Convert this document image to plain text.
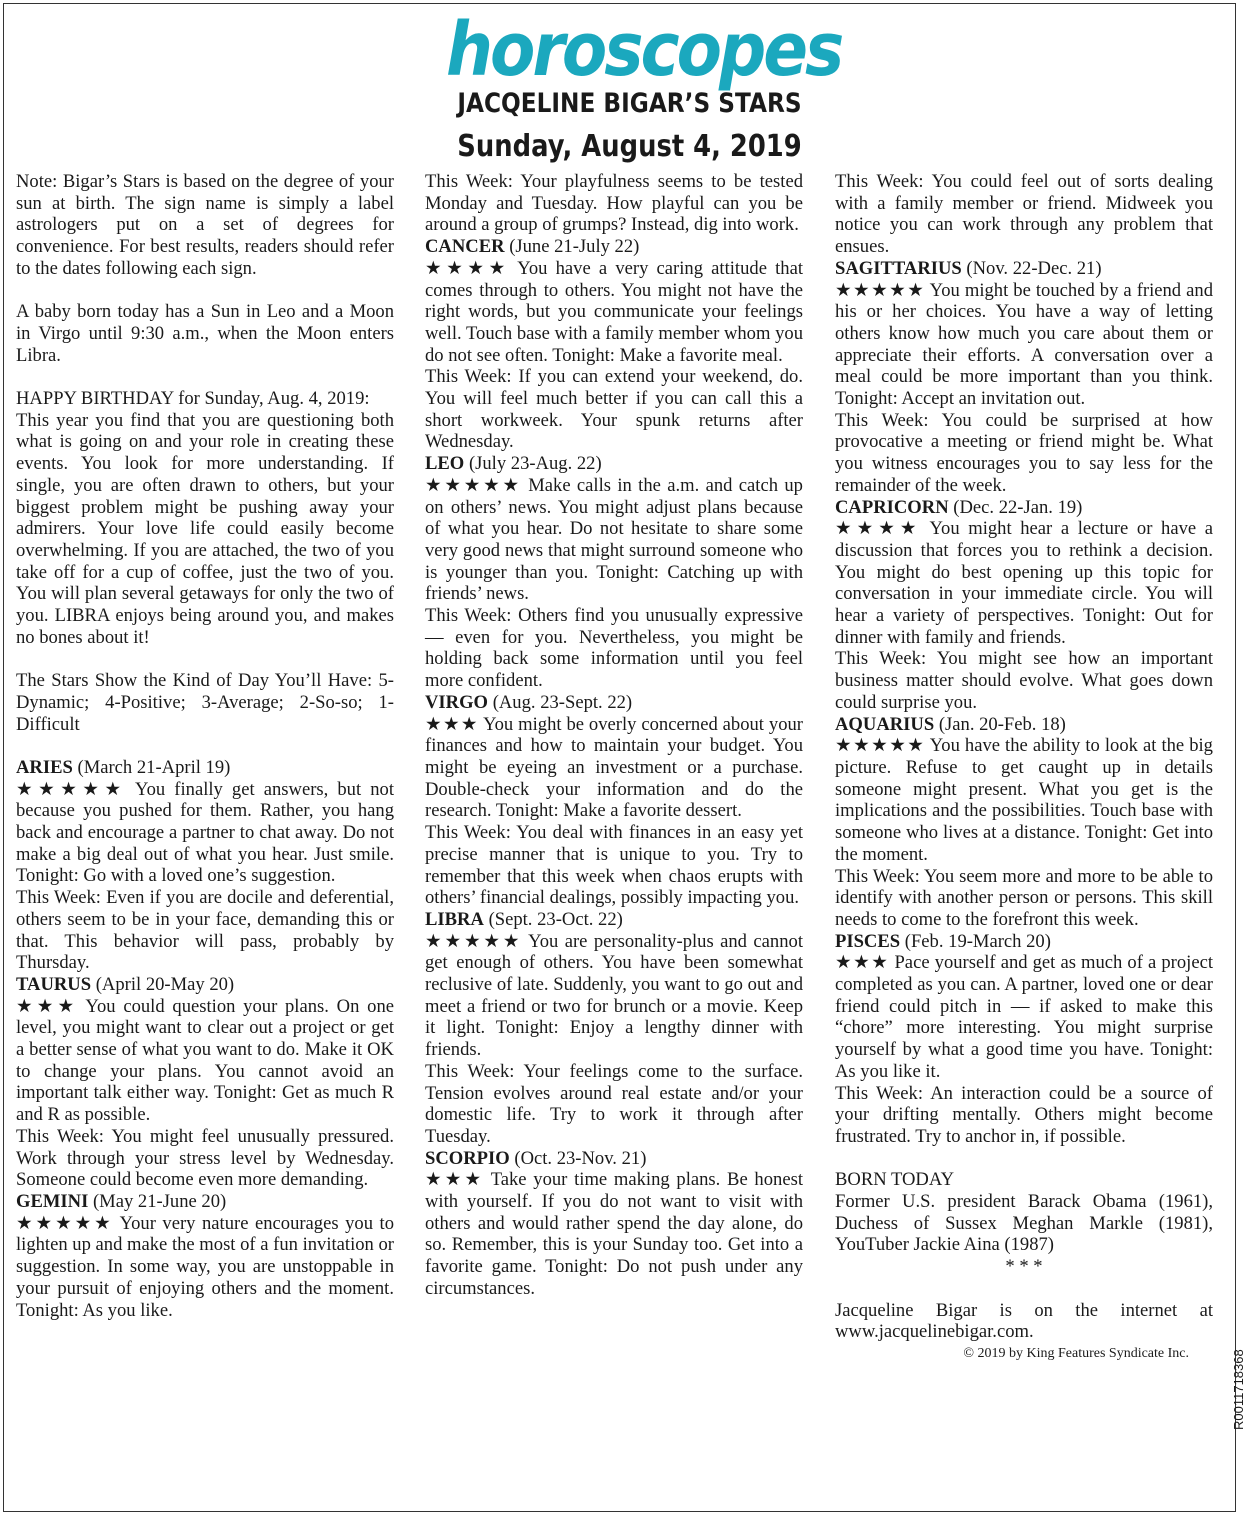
horoscopes
JACQELINE BIGAR’S STARS
Sunday, August 4, 2019

Note: Bigar’s Stars is based on the degree of your sun at birth. The sign name is simply a label astrologers put on a set of degrees for convenience. For best results, readers should refer to the dates following each sign.

A baby born today has a Sun in Leo and a Moon in Virgo until 9:30 a.m., when the Moon enters Libra.

HAPPY BIRTHDAY for Sunday, Aug. 4, 2019:

This year you find that you are questioning both what is going on and your role in creating these events. You look for more understanding. If single, you are often drawn to others, but your biggest problem might be pushing away your admirers. Your love life could easily become overwhelming. If you are attached, the two of you take off for a cup of coffee, just the two of you. You will plan several getaways for only the two of you. LIBRA enjoys being around you, and makes no bones about it!

The Stars Show the Kind of Day You’ll Have: 5-Dynamic; 4-Positive; 3-Average; 2-So-so; 1-Difficult

ARIES (March 21-April 19)

★★★★★ You finally get answers, but not because you pushed for them. Rather, you hang back and encourage a partner to chat away. Do not make a big deal out of what you hear. Just smile. Tonight: Go with a loved one’s suggestion.

This Week: Even if you are docile and deferential, others seem to be in your face, demanding this or that. This behavior will pass, probably by Thursday.

TAURUS (April 20-May 20)

★★★ You could question your plans. On one level, you might want to clear out a project or get a better sense of what you want to do. Make it OK to change your plans. You cannot avoid an important talk either way. Tonight: Get as much R and R as possible.

This Week: You might feel unusually pressured. Work through your stress level by Wednesday. Someone could become even more demanding.

GEMINI (May 21-June 20)

★★★★★ Your very nature encourages you to lighten up and make the most of a fun invitation or suggestion. In some way, you are unstoppable in your pursuit of enjoying others and the moment. Tonight: As you like.

This Week: Your playfulness seems to be tested Monday and Tuesday. How playful can you be around a group of grumps? Instead, dig into work.

CANCER (June 21-July 22)

★★★★ You have a very caring attitude that comes through to others. You might not have the right words, but you communicate your feelings well. Touch base with a family member whom you do not see often. Tonight: Make a favorite meal.

This Week: If you can extend your weekend, do. You will feel much better if you can call this a short workweek. Your spunk returns after Wednesday.

LEO (July 23-Aug. 22)

★★★★★ Make calls in the a.m. and catch up on others’ news. You might adjust plans because of what you hear. Do not hesitate to share some very good news that might surround someone who is younger than you. Tonight: Catching up with friends’ news.

This Week: Others find you unusually expressive — even for you. Nevertheless, you might be holding back some information until you feel more confident.

VIRGO (Aug. 23-Sept. 22)

★★★ You might be overly concerned about your finances and how to maintain your budget. You might be eyeing an investment or a purchase. Double-check your information and do the research. Tonight: Make a favorite dessert.

This Week: You deal with finances in an easy yet precise manner that is unique to you. Try to remember that this week when chaos erupts with others’ financial dealings, possibly impacting you.

LIBRA (Sept. 23-Oct. 22)

★★★★★ You are personality-plus and cannot get enough of others. You have been somewhat reclusive of late. Suddenly, you want to go out and meet a friend or two for brunch or a movie. Keep it light. Tonight: Enjoy a lengthy dinner with friends.

This Week: Your feelings come to the surface. Tension evolves around real estate and/or your domestic life. Try to work it through after Tuesday.

SCORPIO (Oct. 23-Nov. 21)

★★★ Take your time making plans. Be honest with yourself. If you do not want to visit with others and would rather spend the day alone, do so. Remember, this is your Sunday too. Get into a favorite game. Tonight: Do not push under any circumstances.

This Week: You could feel out of sorts dealing with a family member or friend. Midweek you notice you can work through any problem that ensues.

SAGITTARIUS (Nov. 22-Dec. 21)

★★★★★ You might be touched by a friend and his or her choices. You have a way of letting others know how much you care about them or appreciate their efforts. A conversation over a meal could be more important than you think. Tonight: Accept an invitation out.

This Week: You could be surprised at how provocative a meeting or friend might be. What you witness encourages you to say less for the remainder of the week.

CAPRICORN (Dec. 22-Jan. 19)

★★★★ You might hear a lecture or have a discussion that forces you to rethink a decision. You might do best opening up this topic for conversation in your immediate circle. You will hear a variety of perspectives. Tonight: Out for dinner with family and friends.

This Week: You might see how an important business matter should evolve. What goes down could surprise you.

AQUARIUS (Jan. 20-Feb. 18)

★★★★★ You have the ability to look at the big picture. Refuse to get caught up in details someone might present. What you get is the implications and the possibilities. Touch base with someone who lives at a distance. Tonight: Get into the moment.

This Week: You seem more and more to be able to identify with another person or persons. This skill needs to come to the forefront this week.

PISCES (Feb. 19-March 20)

★★★ Pace yourself and get as much of a project completed as you can. A partner, loved one or dear friend could pitch in — if asked to make this “chore” more interesting. You might surprise yourself by what a good time you have. Tonight: As you like it.

This Week: An interaction could be a source of your drifting mentally. Others might become frustrated. Try to anchor in, if possible.

BORN TODAY

Former U.S. president Barack Obama (1961), Duchess of Sussex Meghan Markle (1981), YouTuber Jackie Aina (1987)

* * *

Jacqueline Bigar is on the internet at www.jacquelinebigar.com.

© 2019 by King Features Syndicate Inc.	R0011718368
